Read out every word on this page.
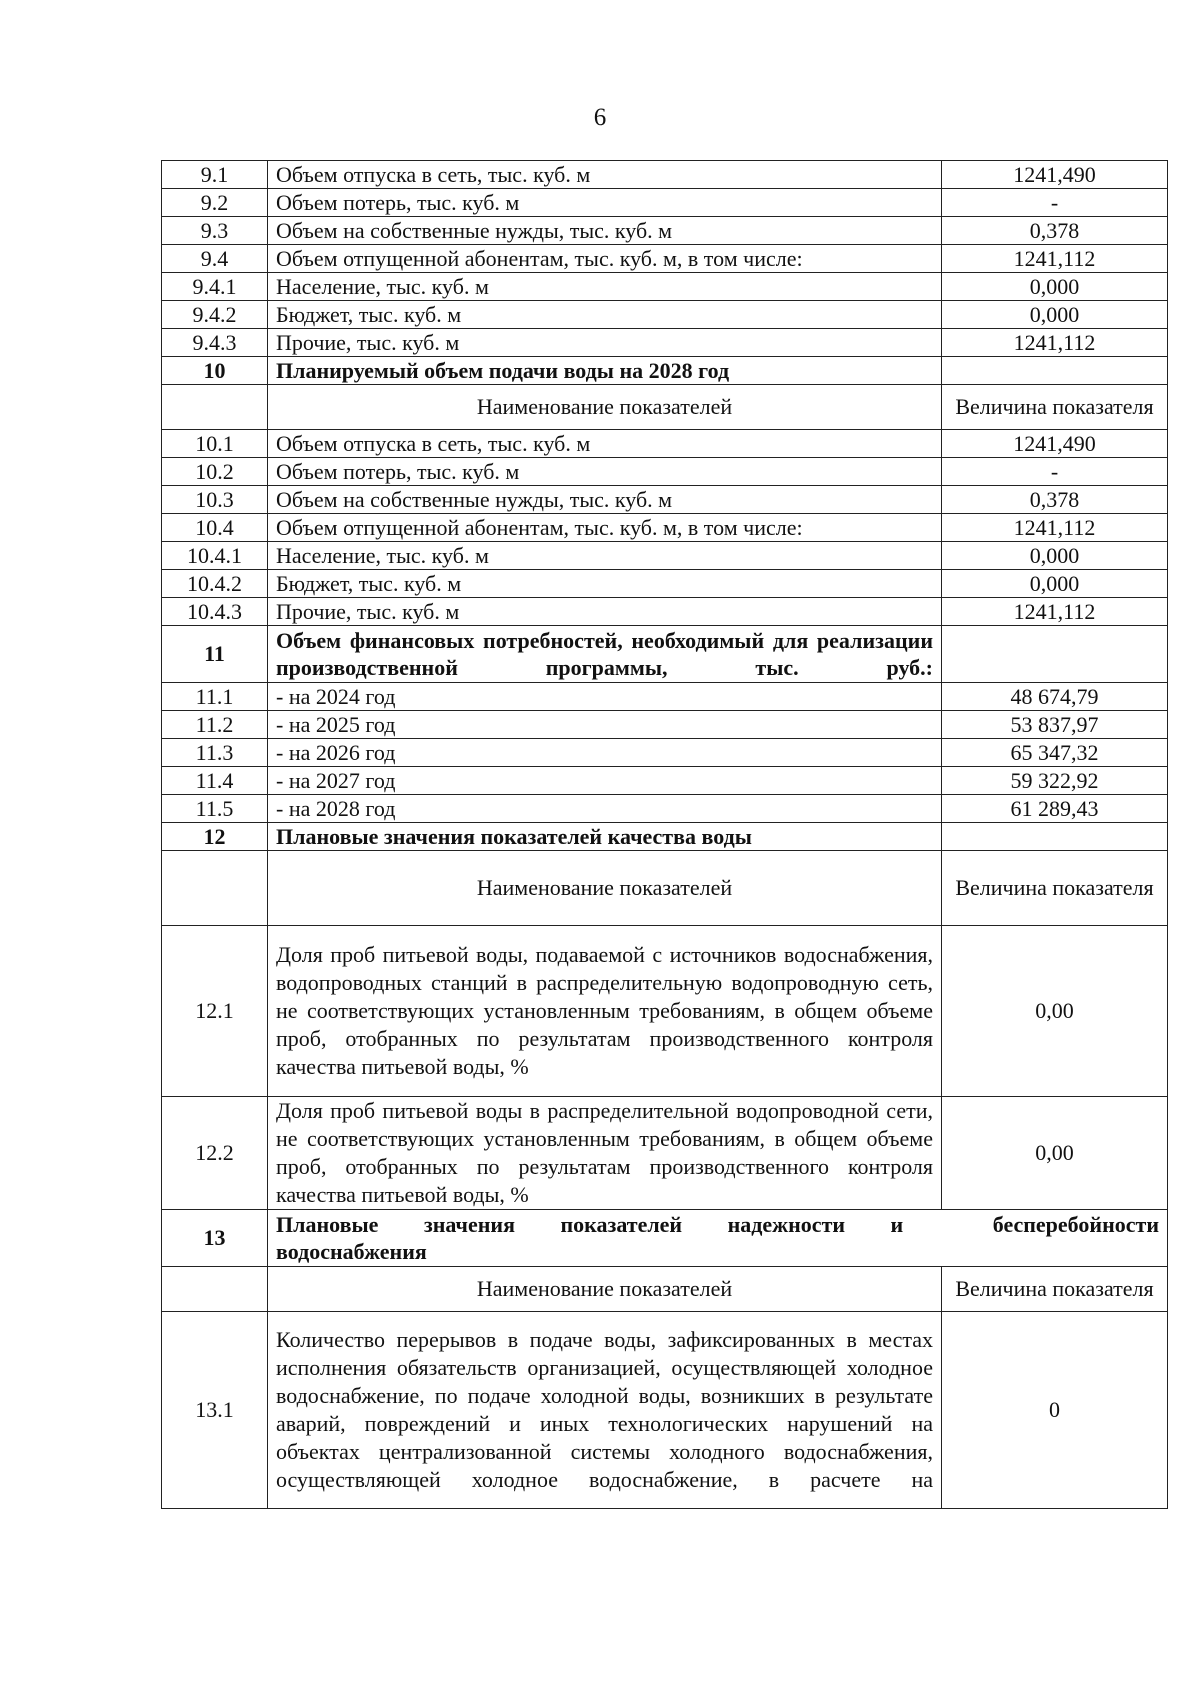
6
9.1	Объем отпуска в сеть, тыс. куб. м	1241,490
9.2	Объем потерь, тыс. куб. м	-
9.3	Объем на собственные нужды, тыс. куб. м	0,378
9.4	Объем отпущенной абонентам, тыс. куб. м, в том числе:	1241,112
9.4.1	Население, тыс. куб. м	0,000
9.4.2	Бюджет, тыс. куб. м	0,000
9.4.3	Прочие, тыс. куб. м	1241,112
10	Планируемый объем подачи воды на 2028 год	
	Наименование показателей	Величина показателя
10.1	Объем отпуска в сеть, тыс. куб. м	1241,490
10.2	Объем потерь, тыс. куб. м	-
10.3	Объем на собственные нужды, тыс. куб. м	0,378
10.4	Объем отпущенной абонентам, тыс. куб. м, в том числе:	1241,112
10.4.1	Население, тыс. куб. м	0,000
10.4.2	Бюджет, тыс. куб. м	0,000
10.4.3	Прочие, тыс. куб. м	1241,112
11	Объем финансовых потребностей, необходимый для реализации производственной программы, тыс. руб.:	
11.1	- на 2024 год	48 674,79
11.2	- на 2025 год	53 837,97
11.3	- на 2026 год	65 347,32
11.4	- на 2027 год	59 322,92
11.5	- на 2028 год	61 289,43
12	Плановые значения показателей качества воды	
	Наименование показателей	Величина показателя
12.1	Доля проб питьевой воды, подаваемой с источников водоснабжения, водопроводных станций в распределительную водопроводную сеть, не соответствующих установленным требованиям, в общем объеме проб, отобранных по результатам производственного контроля качества питьевой воды, %	0,00
12.2	Доля проб питьевой воды в распределительной водопроводной сети, не соответствующих установленным требованиям, в общем объеме проб, отобранных по результатам производственного контроля качества питьевой воды, %	0,00
13	Плановые значения показателей надежности и бесперебойности
водоснабжения	

	Наименование показателей	Величина показателя
13.1	Количество перерывов в подаче воды, зафиксированных в местах исполнения обязательств организацией, осуществляющей холодное водоснабжение, по подаче холодной воды, возникших в результате аварий, повреждений и иных технологических нарушений на объектах централизованной системы холодного водоснабжения, осуществляющей холодное водоснабжение, в расчете на	0
